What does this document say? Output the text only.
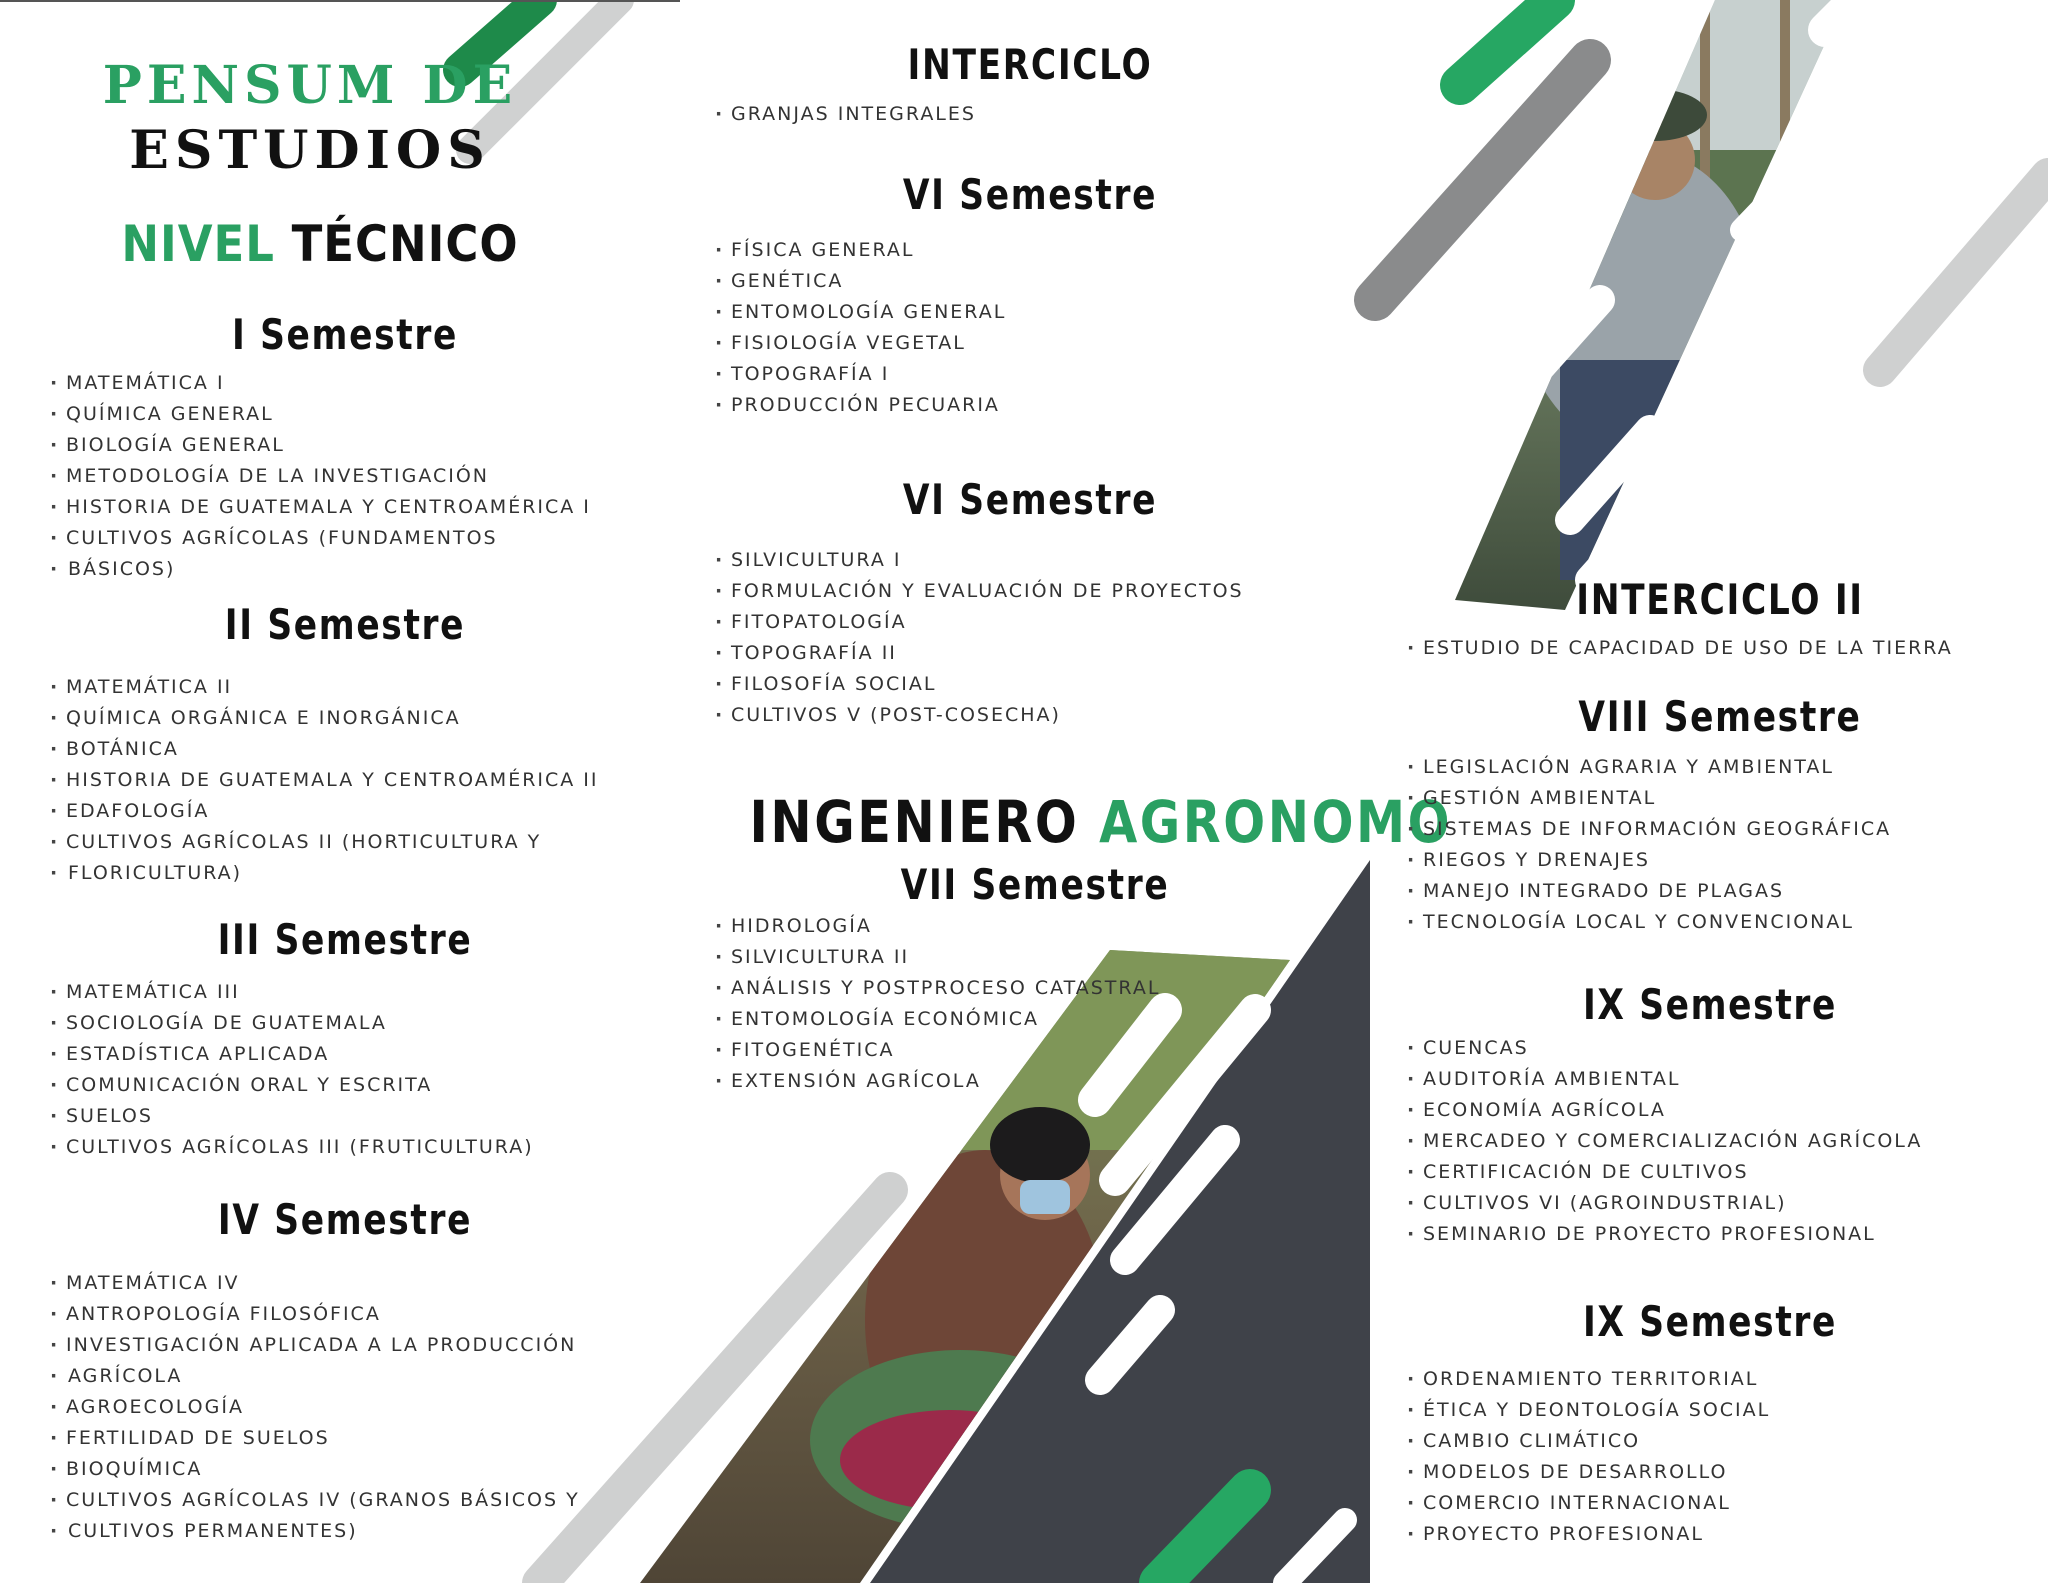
PENSUM DE
ESTUDIOS
NIVEL TÉCNICO
I Semestre
· MATEMÁTICA I
· QUÍMICA GENERAL
· BIOLOGÍA GENERAL
· METODOLOGÍA DE LA INVESTIGACIÓN
· HISTORIA DE GUATEMALA Y CENTROAMÉRICA I
· CULTIVOS AGRÍCOLAS (FUNDAMENTOS
· BÁSICOS)
II Semestre
· MATEMÁTICA II
· QUÍMICA ORGÁNICA E INORGÁNICA
· BOTÁNICA
· HISTORIA DE GUATEMALA Y CENTROAMÉRICA II
· EDAFOLOGÍA
· CULTIVOS AGRÍCOLAS II (HORTICULTURA Y
· FLORICULTURA)
III Semestre
· MATEMÁTICA III
· SOCIOLOGÍA DE GUATEMALA
· ESTADÍSTICA APLICADA
· COMUNICACIÓN ORAL Y ESCRITA
· SUELOS
· CULTIVOS AGRÍCOLAS III (FRUTICULTURA)
IV Semestre
· MATEMÁTICA IV
· ANTROPOLOGÍA FILOSÓFICA
· INVESTIGACIÓN APLICADA A LA PRODUCCIÓN
· AGRÍCOLA
· AGROECOLOGÍA
· FERTILIDAD DE SUELOS
· BIOQUÍMICA
· CULTIVOS AGRÍCOLAS IV (GRANOS BÁSICOS Y
· CULTIVOS PERMANENTES)
INTERCICLO
· GRANJAS INTEGRALES
VI Semestre
· FÍSICA GENERAL
· GENÉTICA
· ENTOMOLOGÍA GENERAL
· FISIOLOGÍA VEGETAL
· TOPOGRAFÍA I
· PRODUCCIÓN PECUARIA
VI Semestre
· SILVICULTURA I
· FORMULACIÓN Y EVALUACIÓN DE PROYECTOS
· FITOPATOLOGÍA
· TOPOGRAFÍA II
· FILOSOFÍA SOCIAL
· CULTIVOS V (POST-COSECHA)
INGENIERO AGRONOMO
VII Semestre
· HIDROLOGÍA
· SILVICULTURA II
· ANÁLISIS Y POSTPROCESO CATASTRAL
· ENTOMOLOGÍA ECONÓMICA
· FITOGENÉTICA
· EXTENSIÓN AGRÍCOLA
INTERCICLO II
· ESTUDIO DE CAPACIDAD DE USO DE LA TIERRA
VIII Semestre
· LEGISLACIÓN AGRARIA Y AMBIENTAL
· GESTIÓN AMBIENTAL
· SISTEMAS DE INFORMACIÓN GEOGRÁFICA
· RIEGOS Y DRENAJES
· MANEJO INTEGRADO DE PLAGAS
· TECNOLOGÍA LOCAL Y CONVENCIONAL
IX Semestre
· CUENCAS
· AUDITORÍA AMBIENTAL
· ECONOMÍA AGRÍCOLA
· MERCADEO Y COMERCIALIZACIÓN AGRÍCOLA
· CERTIFICACIÓN DE CULTIVOS
· CULTIVOS VI (AGROINDUSTRIAL)
· SEMINARIO DE PROYECTO PROFESIONAL
IX Semestre
· ORDENAMIENTO TERRITORIAL
· ÉTICA Y DEONTOLOGÍA SOCIAL
· CAMBIO CLIMÁTICO
· MODELOS DE DESARROLLO
· COMERCIO INTERNACIONAL
· PROYECTO PROFESIONAL
